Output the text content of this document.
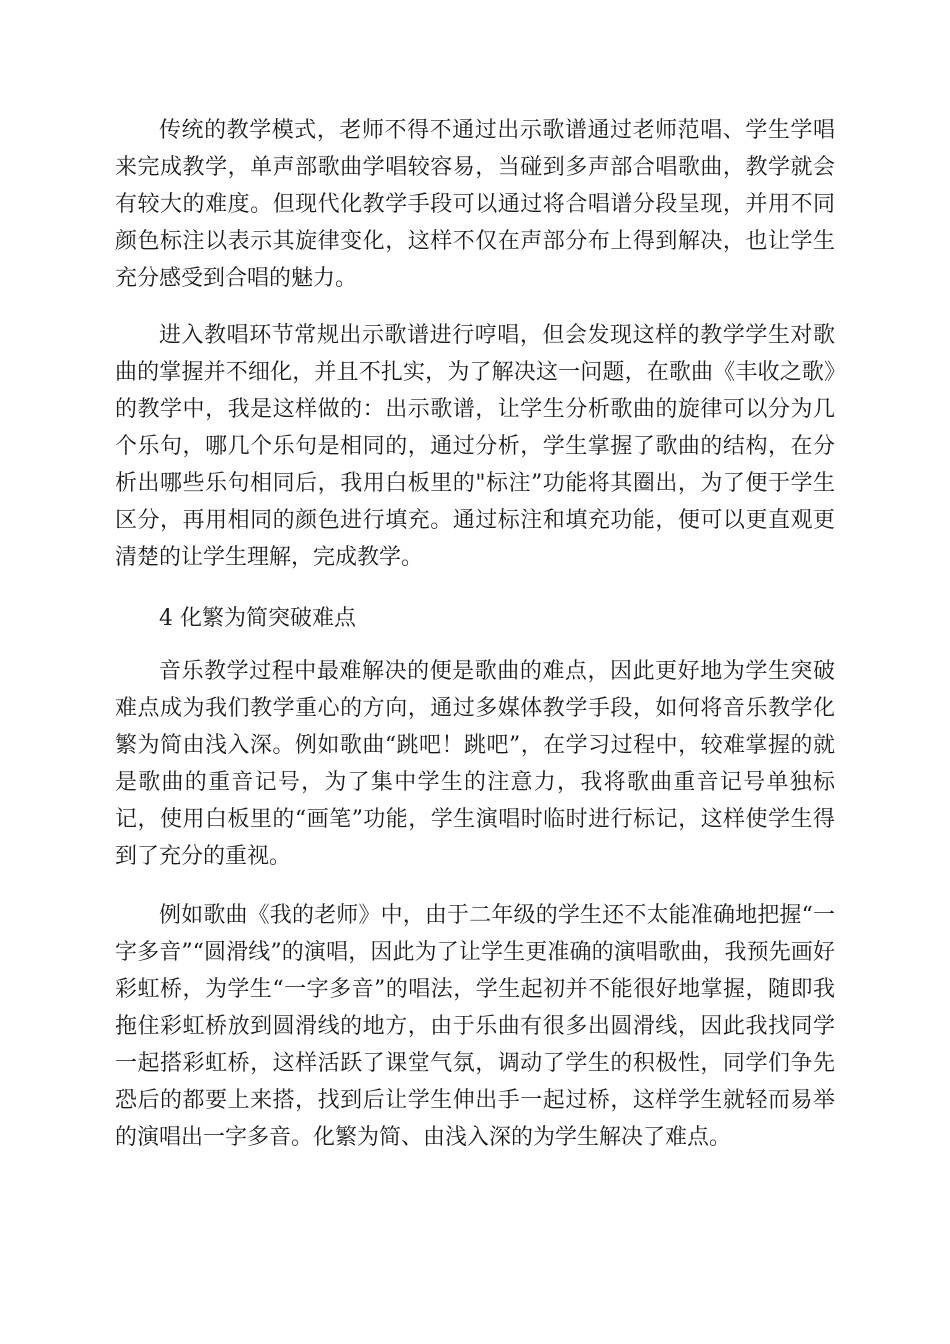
传统的教学模式，老师不得不通过出示歌谱通过老师范唱、学生学唱来完成教学，单声部歌曲学唱较容易，当碰到多声部合唱歌曲，教学就会有较大的难度。但现代化教学手段可以通过将合唱谱分段呈现，并用不同颜色标注以表示其旋律变化，这样不仅在声部分布上得到解决，也让学生充分感受到合唱的魅力。

进入教唱环节常规出示歌谱进行哼唱，但会发现这样的教学学生对歌曲的掌握并不细化，并且不扎实，为了解决这一问题，在歌曲《丰收之歌》的教学中，我是这样做的：出示歌谱，让学生分析歌曲的旋律可以分为几个乐句，哪几个乐句是相同的，通过分析，学生掌握了歌曲的结构，在分析出哪些乐句相同后，我用白板里的"标注”功能将其圈出，为了便于学生区分，再用相同的颜色进行填充。通过标注和填充功能，便可以更直观更清楚的让学生理解，完成教学。

4 化繁为简突破难点

音乐教学过程中最难解决的便是歌曲的难点，因此更好地为学生突破难点成为我们教学重心的方向，通过多媒体教学手段，如何将音乐教学化繁为简由浅入深。例如歌曲“跳吧！跳吧”，在学习过程中，较难掌握的就是歌曲的重音记号，为了集中学生的注意力，我将歌曲重音记号单独标记，使用白板里的“画笔”功能，学生演唱时临时进行标记，这样使学生得到了充分的重视。

例如歌曲《我的老师》中，由于二年级的学生还不太能准确地把握“一字多音”“圆滑线”的演唱，因此为了让学生更准确的演唱歌曲，我预先画好彩虹桥，为学生“一字多音”的唱法，学生起初并不能很好地掌握，随即我拖住彩虹桥放到圆滑线的地方，由于乐曲有很多出圆滑线，因此我找同学一起搭彩虹桥，这样活跃了课堂气氛，调动了学生的积极性，同学们争先恐后的都要上来搭，找到后让学生伸出手一起过桥，这样学生就轻而易举的演唱出一字多音。化繁为简、由浅入深的为学生解决了难点。
